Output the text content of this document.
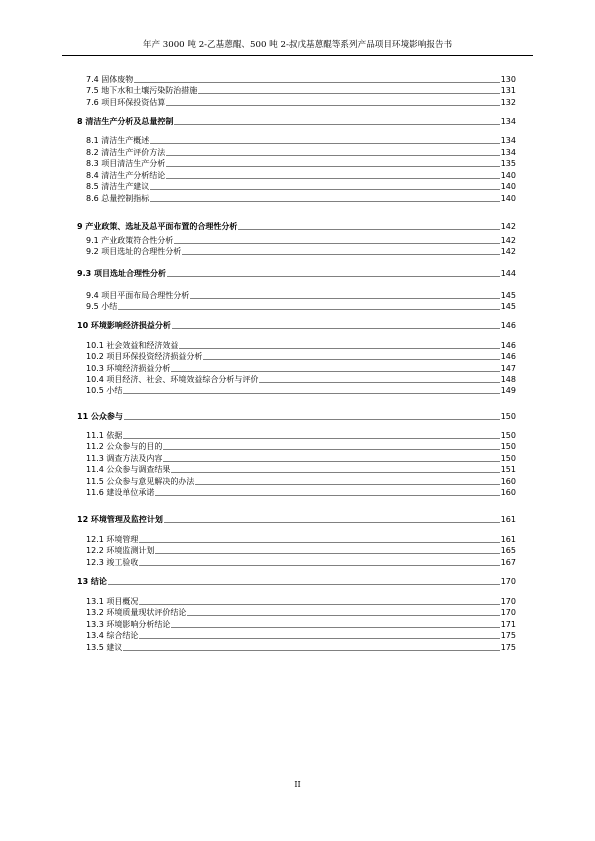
年产 3000 吨 2-乙基蒽醌、500 吨 2-叔戊基蒽醌等系列产品项目环境影响报告书
7.4 固体废物	130
7.5 地下水和土壤污染防治措施	131
7.6 项目环保投资估算	132
8 清洁生产分析及总量控制	134
8.1 清洁生产概述	134
8.2 清洁生产评价方法	134
8.3 项目清洁生产分析	135
8.4 清洁生产分析结论	140
8.5 清洁生产建议	140
8.6 总量控制指标	140
9 产业政策、选址及总平面布置的合理性分析	142
9.1 产业政策符合性分析	142
9.2 项目选址的合理性分析	142
9.3 项目选址合理性分析	144
9.4 项目平面布局合理性分析	145
9.5 小结	145
10 环境影响经济损益分析	146
10.1 社会效益和经济效益	146
10.2 项目环保投资经济损益分析	146
10.3 环境经济损益分析	147
10.4 项目经济、社会、环境效益综合分析与评价	148
10.5 小结	149
11 公众参与	150
11.1 依据	150
11.2 公众参与的目的	150
11.3 调查方法及内容	150
11.4 公众参与调查结果	151
11.5 公众参与意见解决的办法	160
11.6 建设单位承诺	160
12 环境管理及监控计划	161
12.1 环境管理	161
12.2 环境监测计划	165
12.3 竣工验收	167
13 结论	170
13.1 项目概况	170
13.2 环境质量现状评价结论	170
13.3 环境影响分析结论	171
13.4 综合结论	175
13.5 建议	175
II
